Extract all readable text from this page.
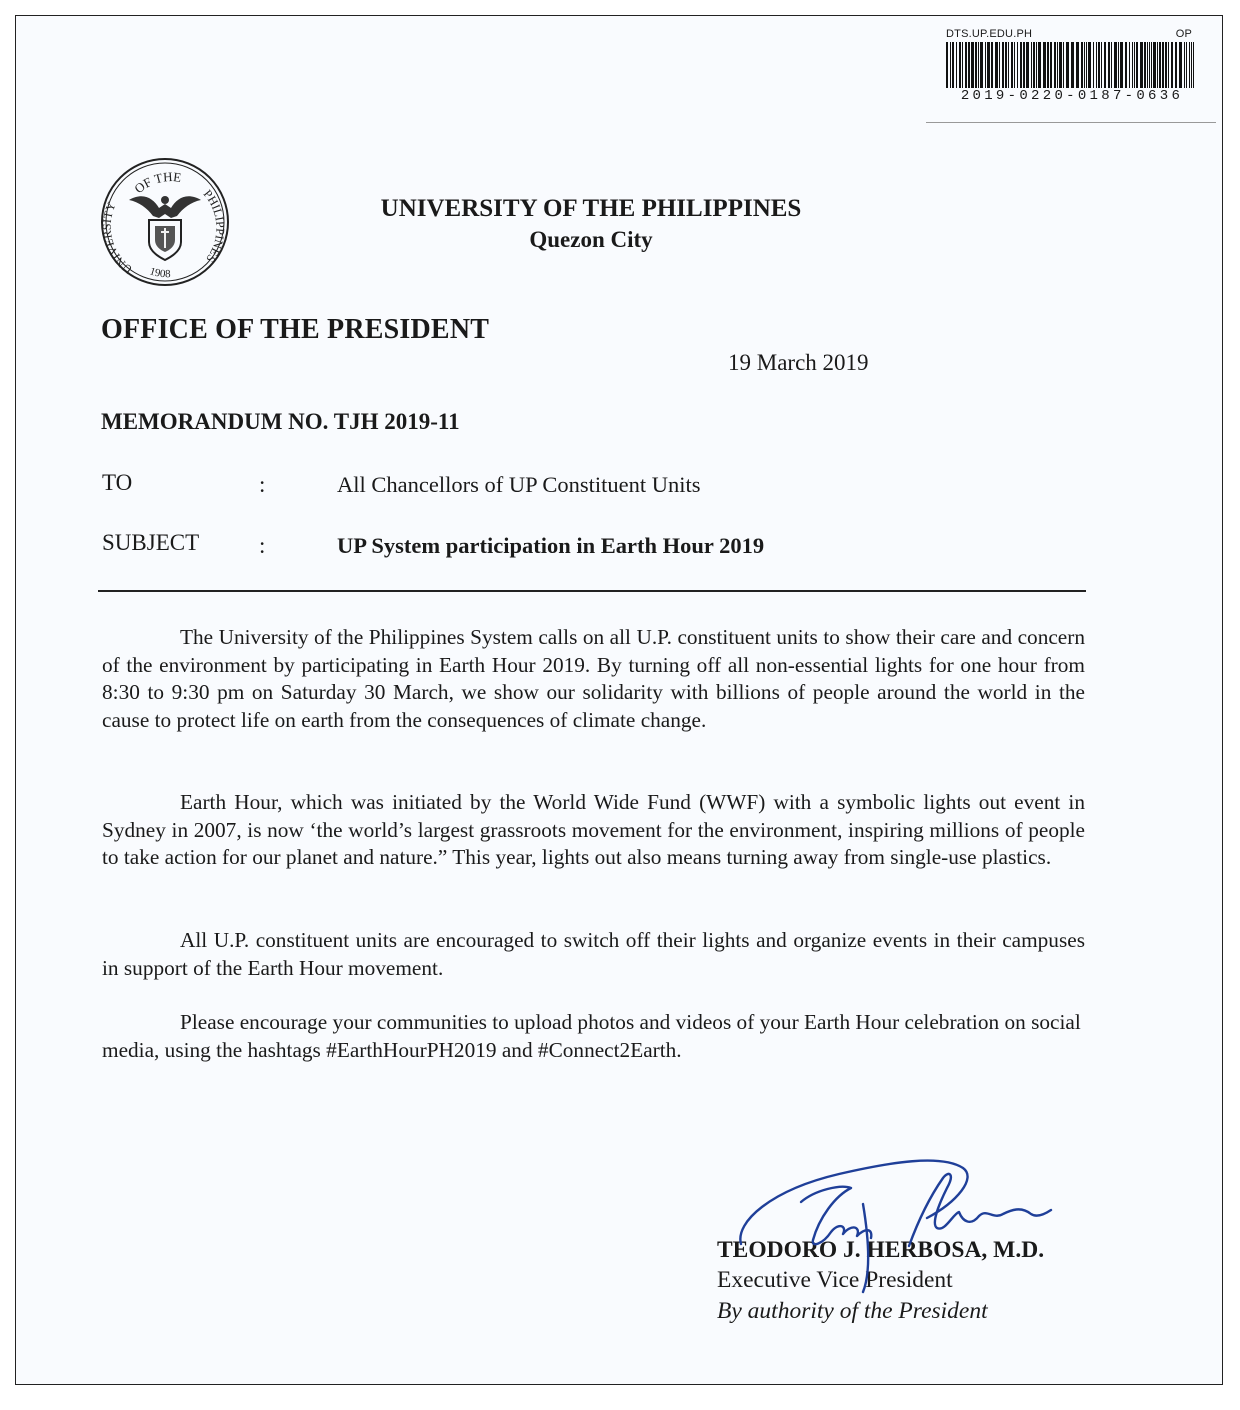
DTS.UP.EDU.PH	OP
2019-0220-0187-0636
OF THE
UNIVERSITY
PHILIPPINES
1908
UNIVERSITY OF THE PHILIPPINES
Quezon City
OFFICE OF THE PRESIDENT
19 March 2019
MEMORANDUM NO. TJH 2019-11
TO	:	All Chancellors of UP Constituent Units
SUBJECT	:	UP System participation in Earth Hour 2019

The University of the Philippines System calls on all U.P. constituent units to show their care and concern of the environment by participating in Earth Hour 2019. By turning off all non-essential lights for one hour from 8:30 to 9:30 pm on Saturday 30 March, we show our solidarity with billions of people around the world in the cause to protect life on earth from the consequences of climate change.

Earth Hour, which was initiated by the World Wide Fund (WWF) with a symbolic lights out event in Sydney in 2007, is now ‘the world’s largest grassroots movement for the environment, inspiring millions of people to take action for our planet and nature.” This year, lights out also means turning away from single-use plastics.

All U.P. constituent units are encouraged to switch off their lights and organize events in their campuses in support of the Earth Hour movement.

Please encourage your communities to upload photos and videos of your Earth Hour celebration on social media, using the hashtags #EarthHourPH2019 and #Connect2Earth.

TEODORO J. HERBOSA, M.D.
Executive Vice President
By authority of the President
